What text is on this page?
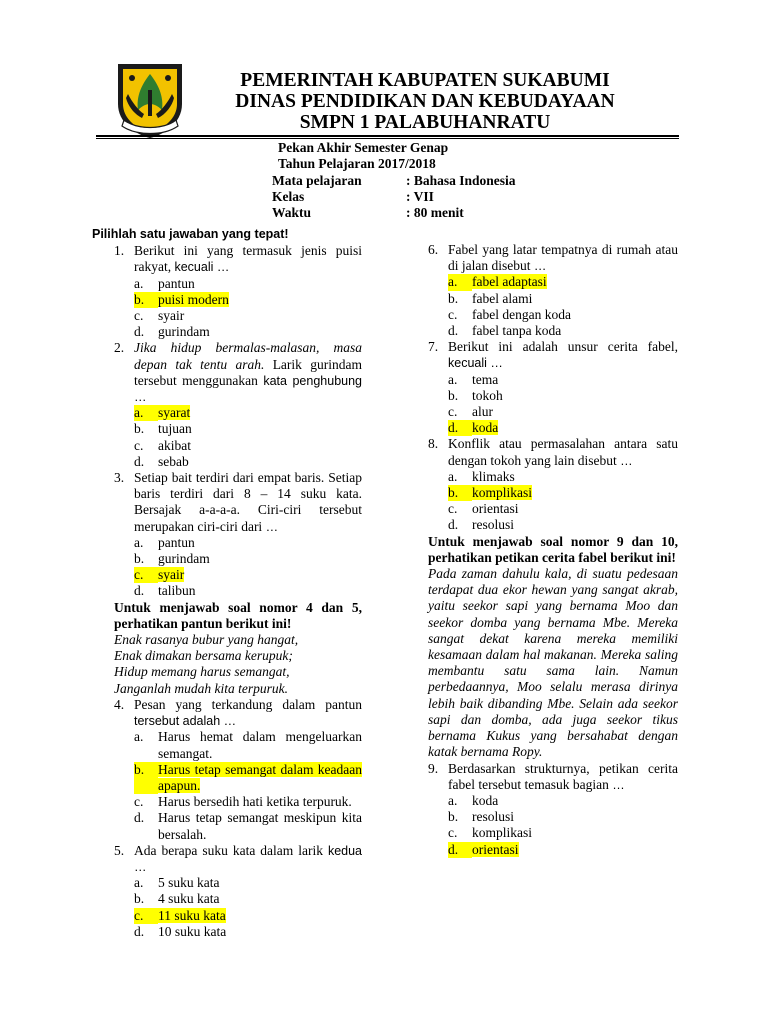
PEMERINTAH KABUPATEN SUKABUMI
DINAS PENDIDIKAN DAN KEBUDAYAAN
SMPN 1 PALABUHANRATU
Pekan Akhir Semester Genap
Tahun Pelajaran 2017/2018
Mata pelajaran	: Bahasa Indonesia
Kelas	: VII
Waktu	: 80 menit
Pilihlah satu jawaban yang tepat!
1. Berikut ini yang termasuk jenis puisi rakyat, kecuali …
a.	pantun
b.	puisi modern
c.	syair
d.	gurindam
2. Jika hidup bermalas-malasan, masa depan tak tentu arah. Larik gurindam tersebut menggunakan kata penghubung …
a.	syarat
b.	tujuan
c.	akibat
d.	sebab
3. Setiap bait terdiri dari empat baris. Setiap baris terdiri dari 8 – 14 suku kata. Bersajak a-a-a-a. Ciri-ciri tersebut merupakan ciri-ciri dari …
a.	pantun
b.	gurindam
c.	syair
d.	talibun
Untuk menjawab soal nomor 4 dan 5, perhatikan pantun berikut ini!
Enak rasanya bubur yang hangat,
Enak dimakan bersama kerupuk;
Hidup memang harus semangat,
Janganlah mudah kita terpuruk.
4. Pesan yang terkandung dalam pantun tersebut adalah …
a.	Harus hemat dalam mengeluarkan semangat.
b.	Harus tetap semangat dalam keadaan apapun.
c.	Harus bersedih hati ketika terpuruk.
d.	Harus tetap semangat meskipun kita bersalah.
5. Ada berapa suku kata dalam larik kedua …
a.	5 suku kata
b.	4 suku kata
c.	11 suku kata
d.	10 suku kata
6. Fabel yang latar tempatnya di rumah atau di jalan disebut …
a.	fabel adaptasi
b.	fabel alami
c.	fabel dengan koda
d.	fabel tanpa koda
7. Berikut ini adalah unsur cerita fabel, kecuali …
a.	tema
b.	tokoh
c.	alur
d.	koda
8. Konflik atau permasalahan antara satu dengan tokoh yang lain disebut …
a.	klimaks
b.	komplikasi
c.	orientasi
d.	resolusi
Untuk menjawab soal nomor 9 dan 10, perhatikan petikan cerita fabel berikut ini!
Pada zaman dahulu kala, di suatu pedesaan terdapat dua ekor hewan yang sangat akrab, yaitu seekor sapi yang bernama Moo dan seekor domba yang bernama Mbe. Mereka sangat dekat karena mereka memiliki kesamaan dalam hal makanan. Mereka saling membantu satu sama lain. Namun perbedaannya, Moo selalu merasa dirinya lebih baik dibanding Mbe. Selain ada seekor sapi dan domba, ada juga seekor tikus bernama Kukus yang bersahabat dengan katak bernama Ropy.
9. Berdasarkan strukturnya, petikan cerita fabel tersebut temasuk bagian …
a.	koda
b.	resolusi
c.	komplikasi
d.	orientasi
